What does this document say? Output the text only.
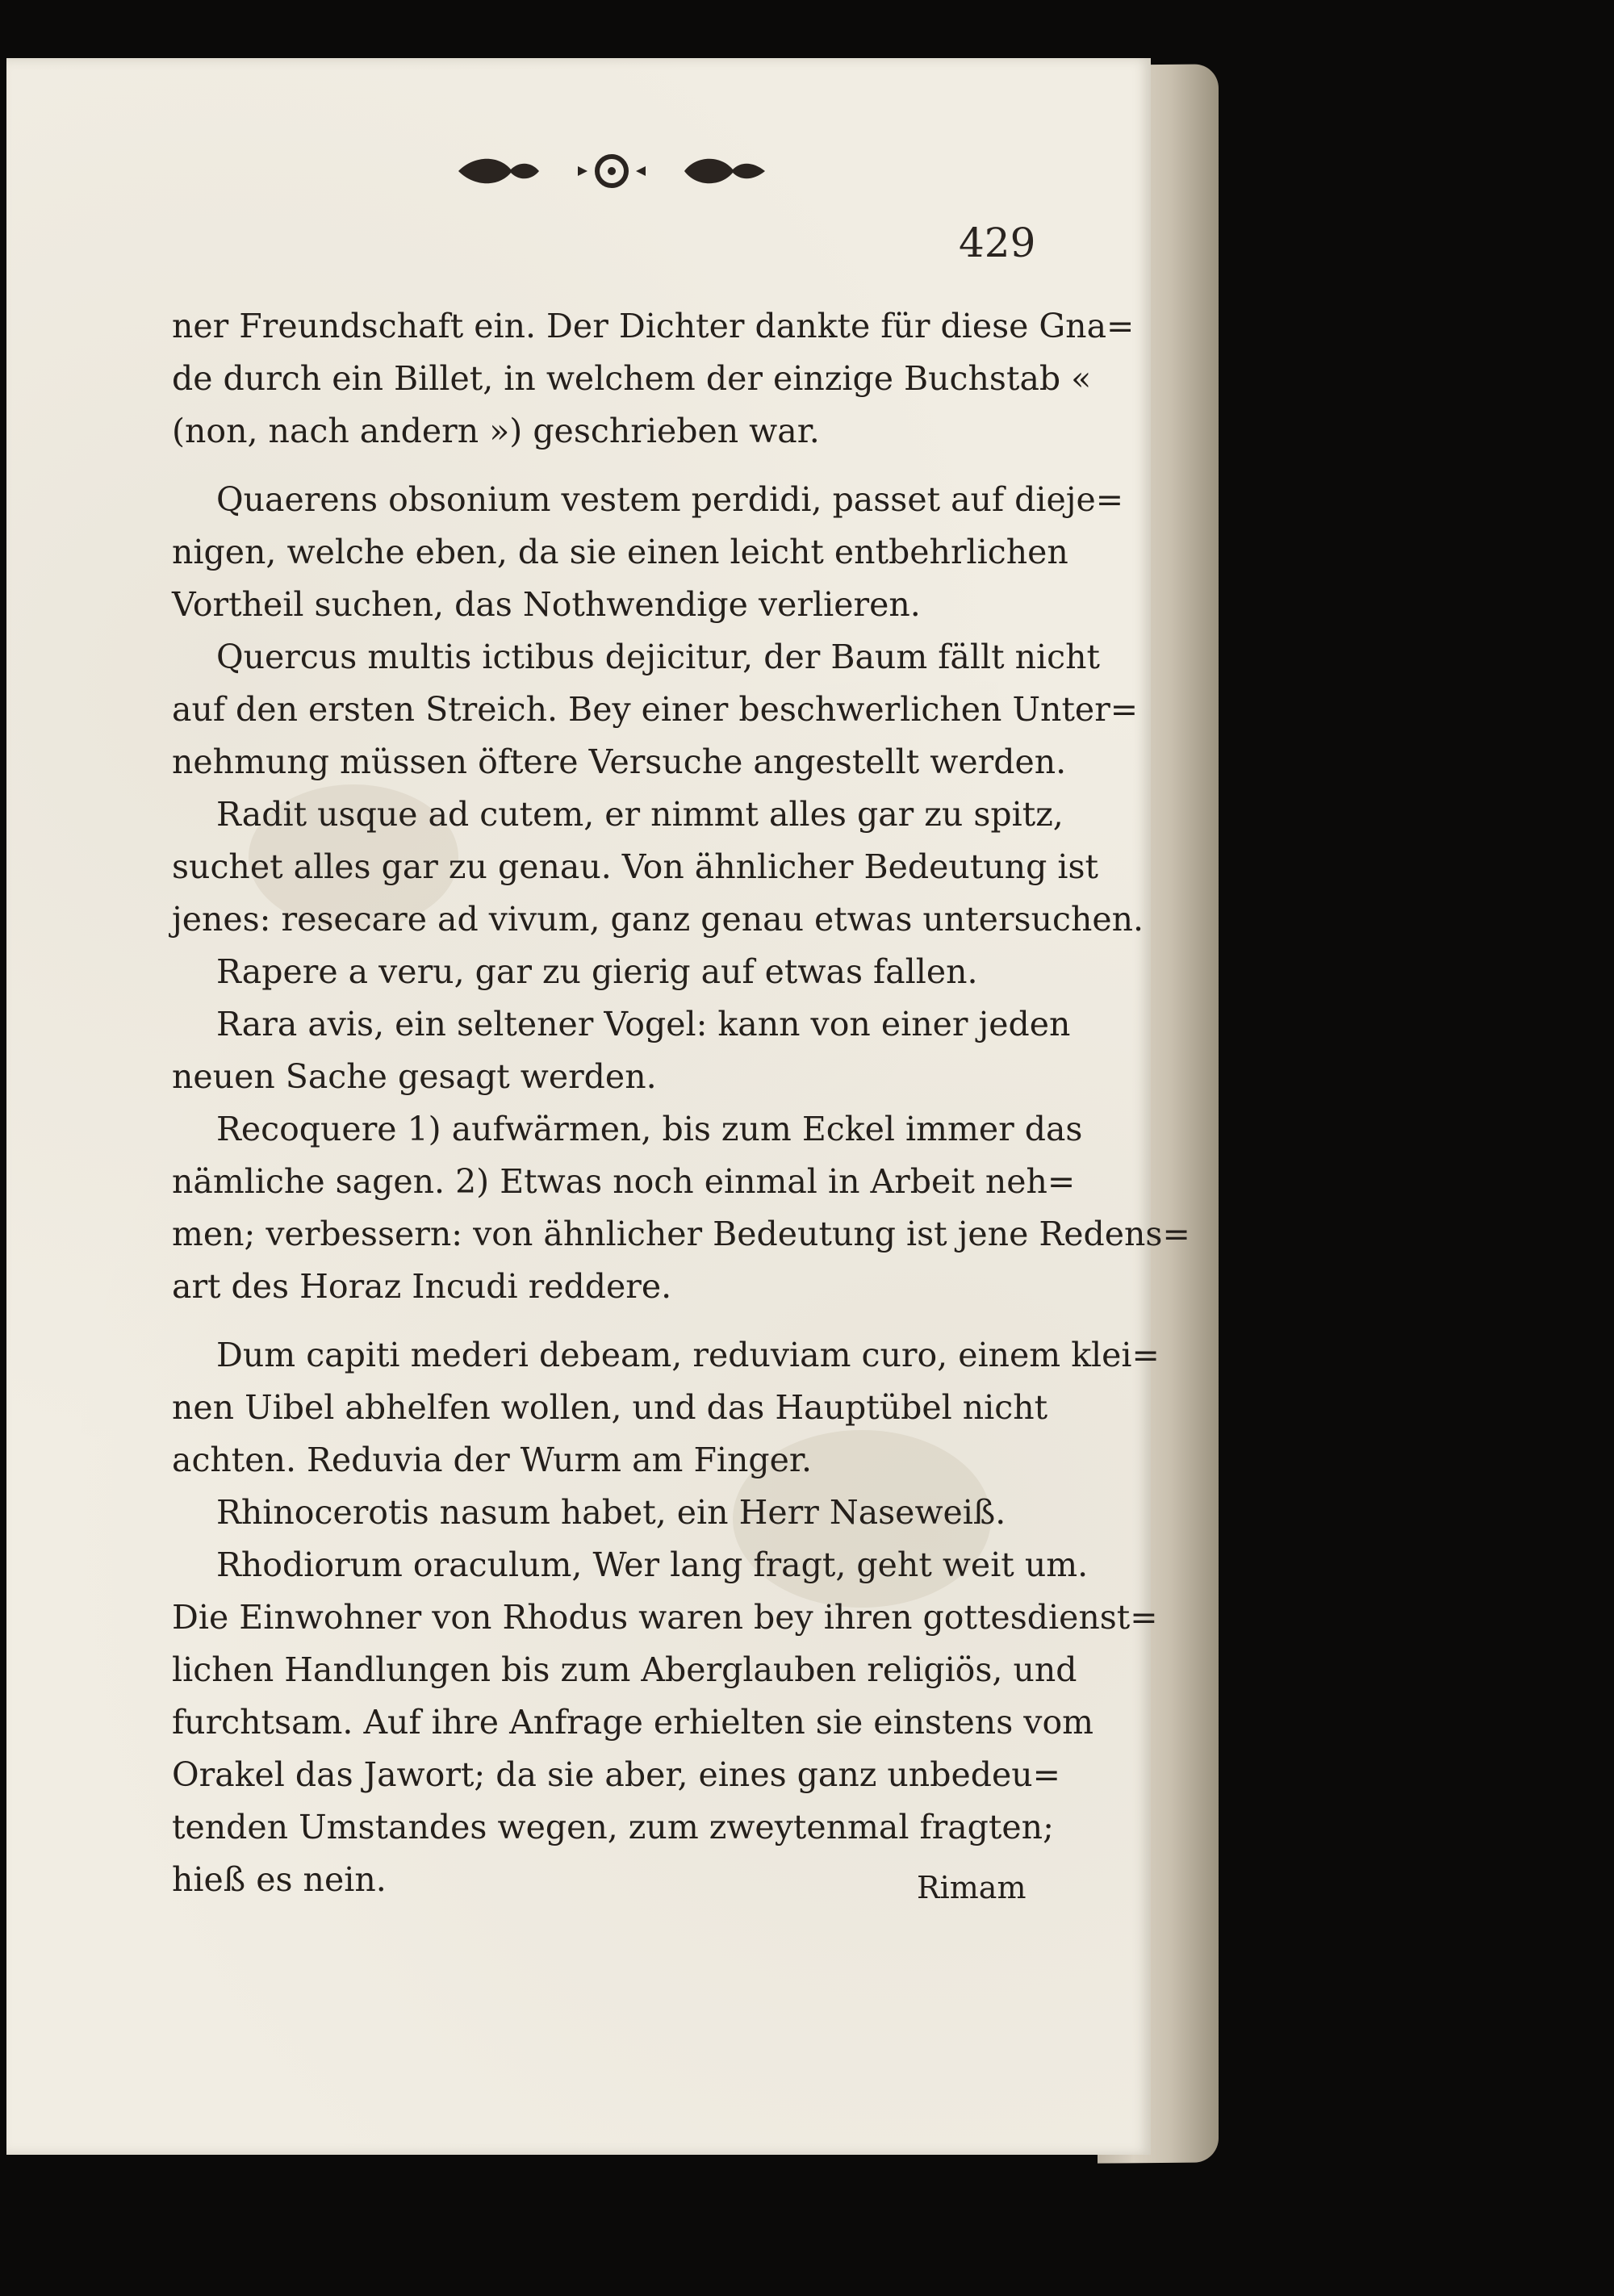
429
ner Freundschaft ein. Der Dichter dankte für diese Gna=
de durch ein Billet, in welchem der einzige Buchstab «
(non, nach andern ») geschrieben war.
Quaerens obsonium vestem perdidi, passet auf dieje=
nigen, welche eben, da sie einen leicht entbehrlichen
Vortheil suchen, das Nothwendige verlieren.
Quercus multis ictibus dejicitur, der Baum fällt nicht
auf den ersten Streich. Bey einer beschwerlichen Unter=
nehmung müssen öftere Versuche angestellt werden.
Radit usque ad cutem, er nimmt alles gar zu spitz,
suchet alles gar zu genau. Von ähnlicher Bedeutung ist
jenes: resecare ad vivum, ganz genau etwas untersuchen.
Rapere a veru, gar zu gierig auf etwas fallen.
Rara avis, ein seltener Vogel: kann von einer jeden
neuen Sache gesagt werden.
Recoquere 1) aufwärmen, bis zum Eckel immer das
nämliche sagen. 2) Etwas noch einmal in Arbeit neh=
men; verbessern: von ähnlicher Bedeutung ist jene Redens=
art des Horaz Incudi reddere.
Dum capiti mederi debeam, reduviam curo, einem klei=
nen Uibel abhelfen wollen, und das Hauptübel nicht
achten. Reduvia der Wurm am Finger.
Rhinocerotis nasum habet, ein Herr Naseweiß.
Rhodiorum oraculum, Wer lang fragt, geht weit um.
Die Einwohner von Rhodus waren bey ihren gottesdienst=
lichen Handlungen bis zum Aberglauben religiös, und
furchtsam. Auf ihre Anfrage erhielten sie einstens vom
Orakel das Jawort; da sie aber, eines ganz unbedeu=
tenden Umstandes wegen, zum zweytenmal fragten;
hieß es nein.	Rimam
